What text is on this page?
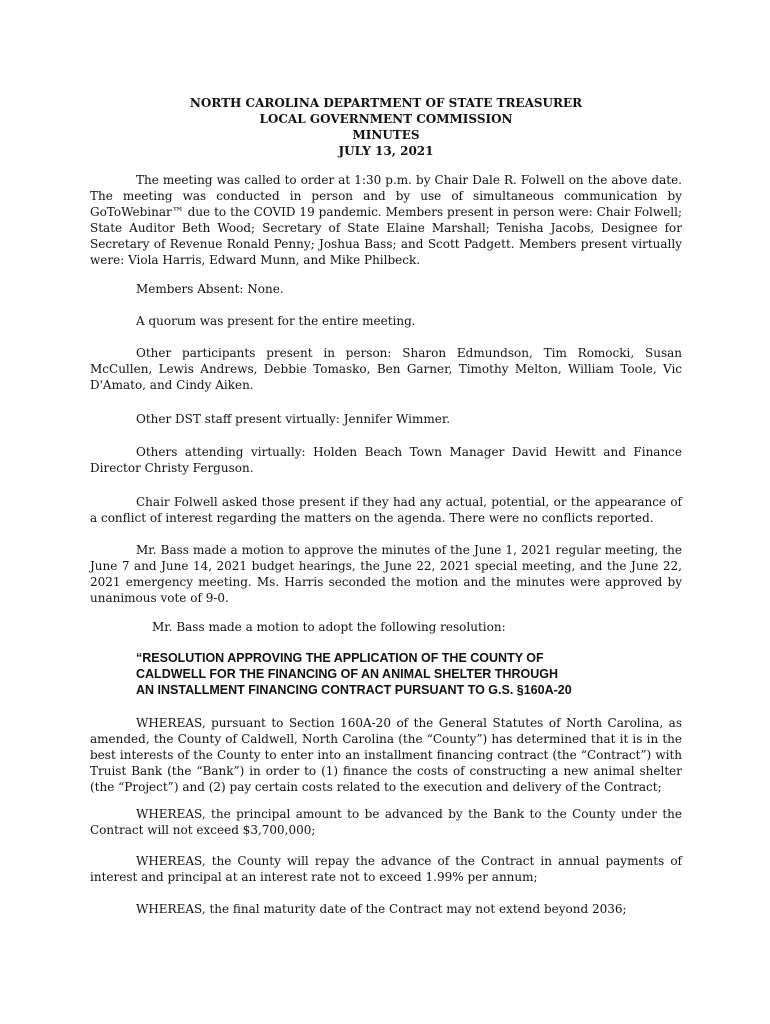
NORTH CAROLINA DEPARTMENT OF STATE TREASURER
LOCAL GOVERNMENT COMMISSION
MINUTES
JULY 13, 2021
The meeting was called to order at 1:30 p.m. by Chair Dale R. Folwell on the above date. The meeting was conducted in person and by use of simultaneous communication by GoToWebinar™ due to the COVID 19 pandemic. Members present in person were: Chair Folwell; State Auditor Beth Wood; Secretary of State Elaine Marshall; Tenisha Jacobs, Designee for Secretary of Revenue Ronald Penny; Joshua Bass; and Scott Padgett. Members present virtually were: Viola Harris, Edward Munn, and Mike Philbeck.
Members Absent: None.
A quorum was present for the entire meeting.
Other participants present in person: Sharon Edmundson, Tim Romocki, Susan McCullen, Lewis Andrews, Debbie Tomasko, Ben Garner, Timothy Melton, William Toole, Vic D'Amato, and Cindy Aiken.
Other DST staff present virtually: Jennifer Wimmer.
Others attending virtually: Holden Beach Town Manager David Hewitt and Finance Director Christy Ferguson.
Chair Folwell asked those present if they had any actual, potential, or the appearance of a conflict of interest regarding the matters on the agenda. There were no conflicts reported.
Mr. Bass made a motion to approve the minutes of the June 1, 2021 regular meeting, the June 7 and June 14, 2021 budget hearings, the June 22, 2021 special meeting, and the June 22, 2021 emergency meeting. Ms. Harris seconded the motion and the minutes were approved by unanimous vote of 9-0.
Mr. Bass made a motion to adopt the following resolution:
“RESOLUTION APPROVING THE APPLICATION OF THE COUNTY OF
CALDWELL FOR THE FINANCING OF AN ANIMAL SHELTER THROUGH
AN INSTALLMENT FINANCING CONTRACT PURSUANT TO G.S. §160A-20
WHEREAS, pursuant to Section 160A-20 of the General Statutes of North Carolina, as amended, the County of Caldwell, North Carolina (the “County”) has determined that it is in the best interests of the County to enter into an installment financing contract (the “Contract”) with Truist Bank (the “Bank”) in order to (1) finance the costs of constructing a new animal shelter (the “Project”) and (2) pay certain costs related to the execution and delivery of the Contract;
WHEREAS, the principal amount to be advanced by the Bank to the County under the Contract will not exceed $3,700,000;
WHEREAS, the County will repay the advance of the Contract in annual payments of interest and principal at an interest rate not to exceed 1.99% per annum;
WHEREAS, the final maturity date of the Contract may not extend beyond 2036;
